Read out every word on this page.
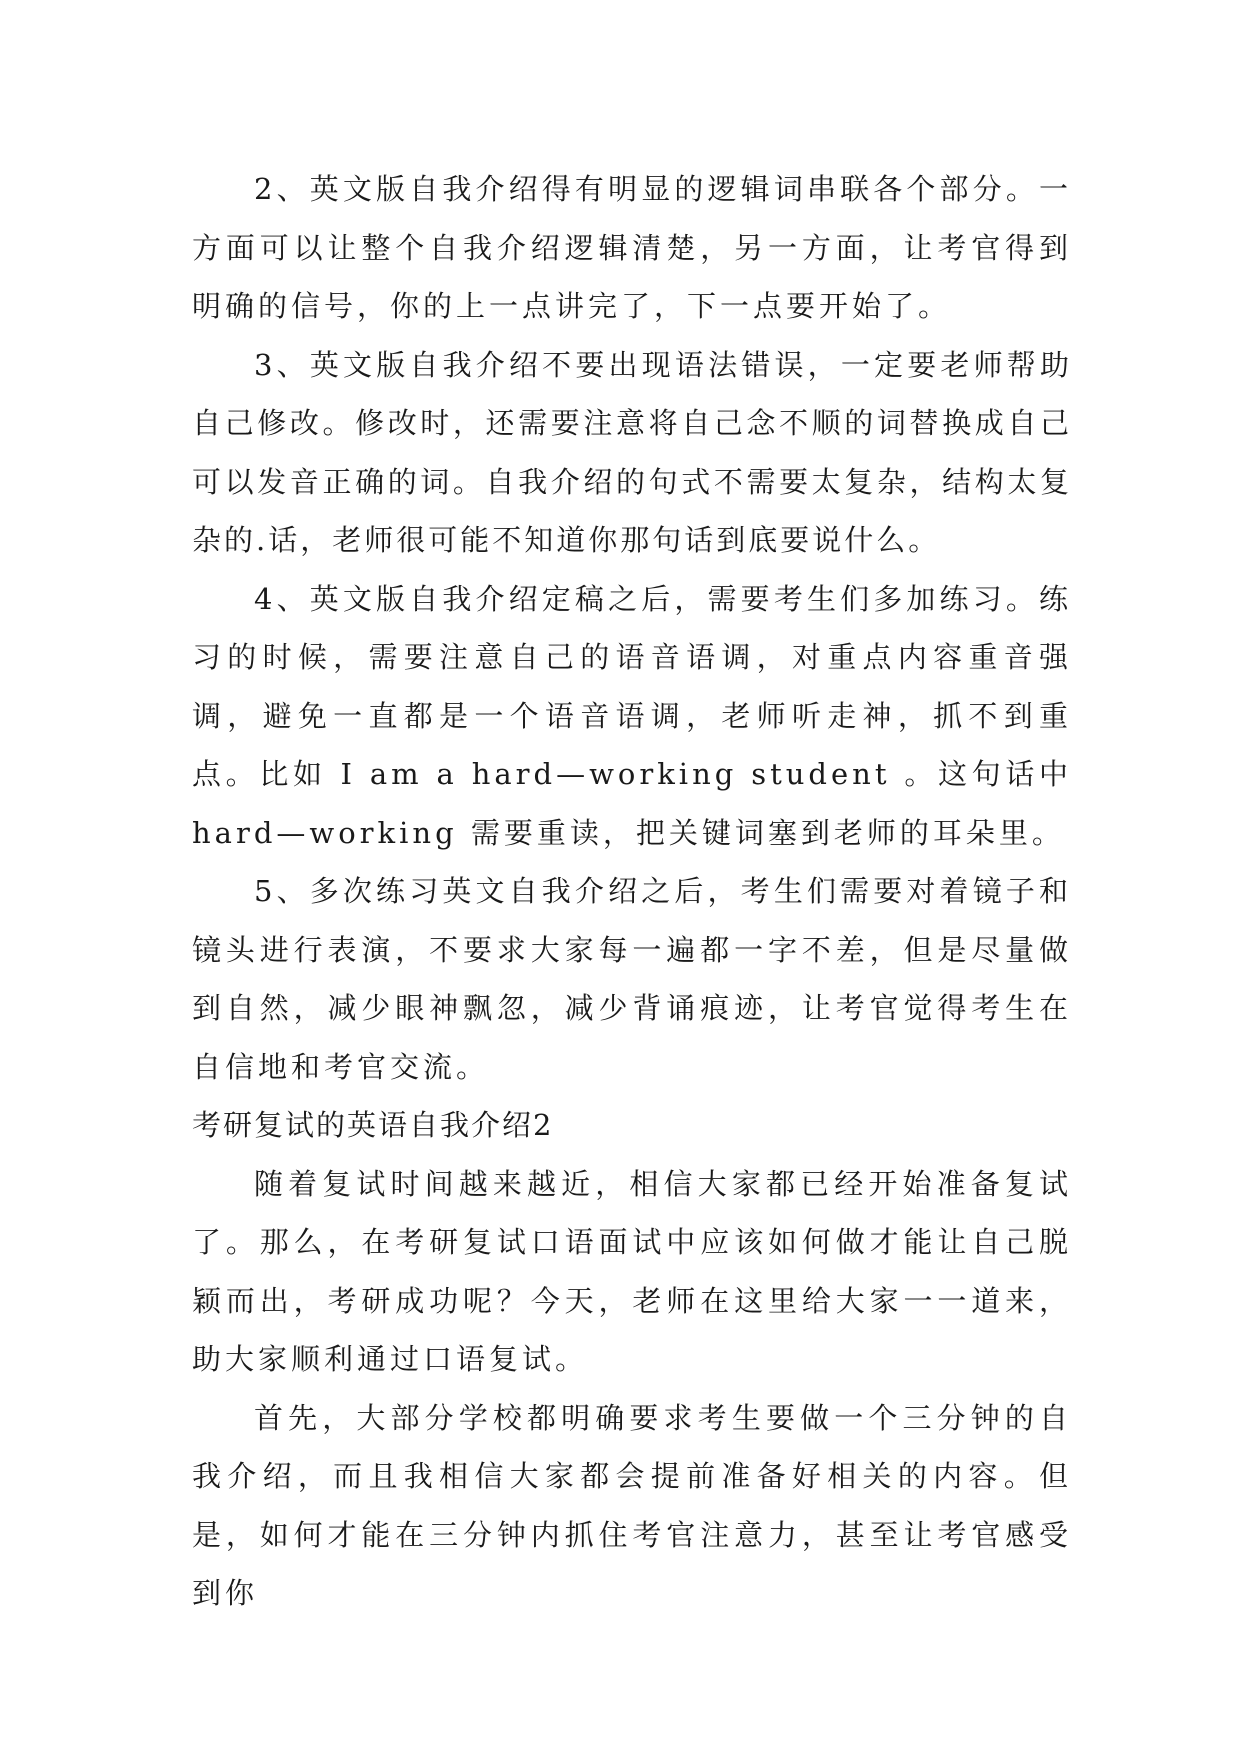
2、英文版自我介绍得有明显的逻辑词串联各个部分。一方面可以让整个自我介绍逻辑清楚，另一方面，让考官得到明确的信号，你的上一点讲完了，下一点要开始了。

3、英文版自我介绍不要出现语法错误，一定要老师帮助自己修改。修改时，还需要注意将自己念不顺的词替换成自己可以发音正确的词。自我介绍的句式不需要太复杂，结构太复杂的.话，老师很可能不知道你那句话到底要说什么。

4、英文版自我介绍定稿之后，需要考生们多加练习。练习的时候，需要注意自己的语音语调，对重点内容重音强调，避免一直都是一个语音语调，老师听走神，抓不到重点。比如 I am a hard—working student 。这句话中 hard—working 需要重读，把关键词塞到老师的耳朵里。

5、多次练习英文自我介绍之后，考生们需要对着镜子和镜头进行表演，不要求大家每一遍都一字不差，但是尽量做到自然，减少眼神飘忽，减少背诵痕迹，让考官觉得考生在自信地和考官交流。

考研复试的英语自我介绍2

随着复试时间越来越近，相信大家都已经开始准备复试了。那么，在考研复试口语面试中应该如何做才能让自己脱颖而出，考研成功呢？今天，老师在这里给大家一一道来，助大家顺利通过口语复试。

首先，大部分学校都明确要求考生要做一个三分钟的自我介绍，而且我相信大家都会提前准备好相关的内容。但是，如何才能在三分钟内抓住考官注意力，甚至让考官感受到你
